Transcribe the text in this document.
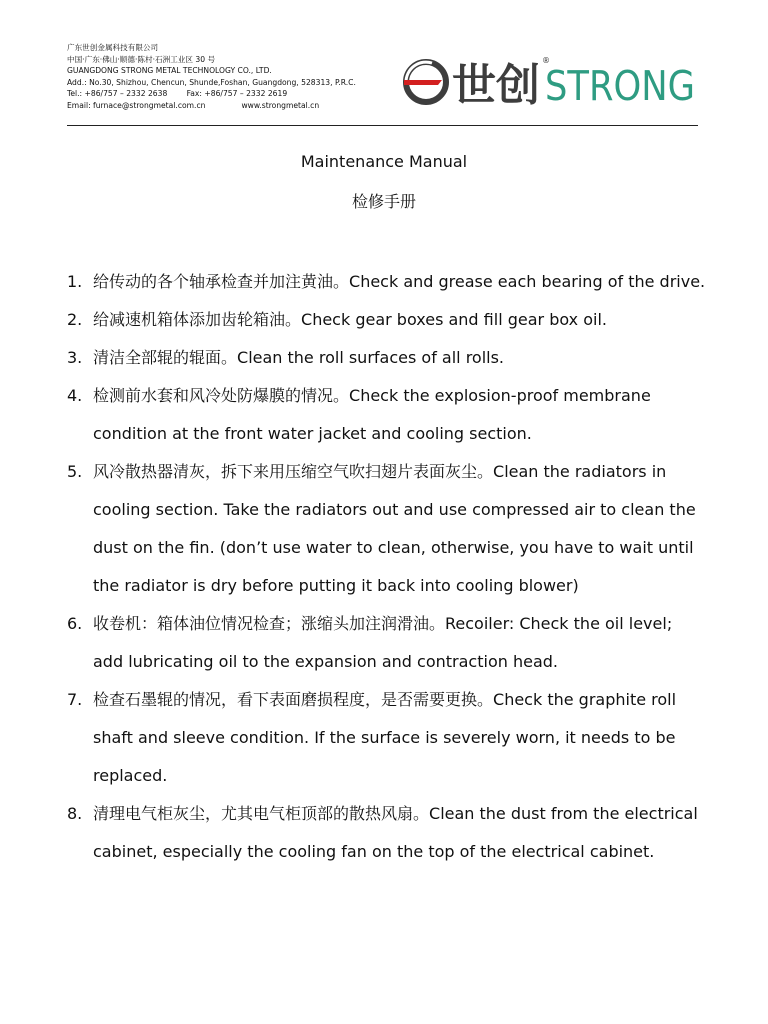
广东世创金属科技有限公司
中国·广东·佛山·顺德·陈村·石洲工业区 30 号
GUANGDONG STRONG METAL TECHNOLOGY CO., LTD.
Add.: No.30, Shizhou, Chencun, Shunde,Foshan, Guangdong, 528313, P.R.C.
Tel.: +86/757 – 2332 2638        Fax: +86/757 – 2332 2619
Email: furnace@strongmetal.com.cn	www.strongmetal.cn	世创 ®
STRONG
Maintenance Manual
检修手册
1. 给传动的各个轴承检查并加注黄油。Check and grease each bearing of the drive.
2. 给减速机箱体添加齿轮箱油。Check gear boxes and fill gear box oil.
3. 清洁全部辊的辊面。Clean the roll surfaces of all rolls.
4. 检测前水套和风冷处防爆膜的情况。Check the explosion-proof membrane condition at the front water jacket and cooling section.
5. 风冷散热器清灰，拆下来用压缩空气吹扫翅片表面灰尘。Clean the radiators in cooling section. Take the radiators out and use compressed air to clean the dust on the fin. (don’t use water to clean, otherwise, you have to wait until the radiator is dry before putting it back into cooling blower)
6. 收卷机：箱体油位情况检查；涨缩头加注润滑油。Recoiler: Check the oil level; add lubricating oil to the expansion and contraction head.
7. 检查石墨辊的情况，看下表面磨损程度，是否需要更换。Check the graphite roll shaft and sleeve condition. If the surface is severely worn, it needs to be replaced.
8. 清理电气柜灰尘，尤其电气柜顶部的散热风扇。Clean the dust from the electrical cabinet, especially the cooling fan on the top of the electrical cabinet.
